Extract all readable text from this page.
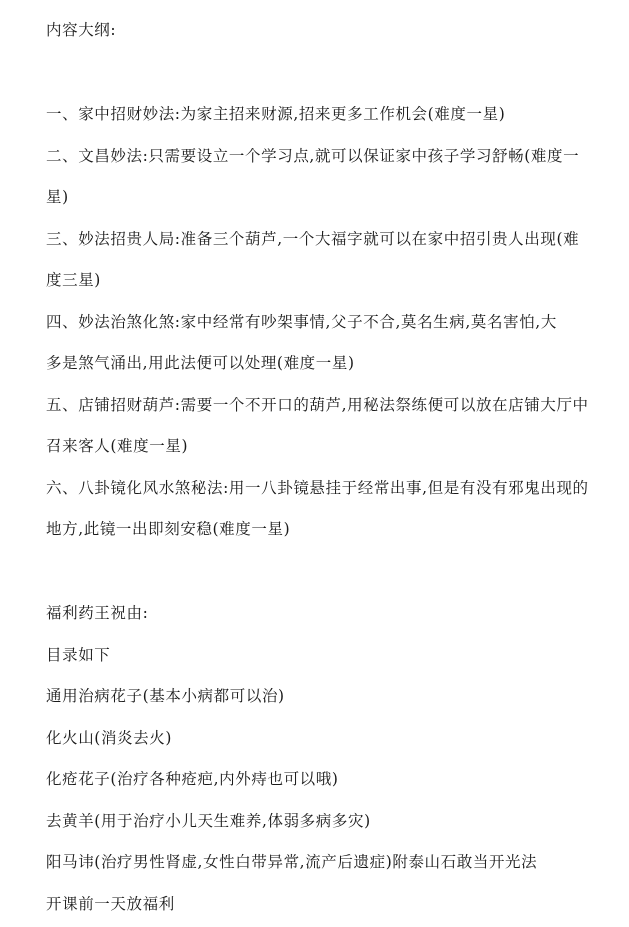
内容大纲:
一、家中招财妙法:为家主招来财源,招来更多工作机会(难度一星)
二、文昌妙法:只需要设立一个学习点,就可以保证家中孩子学习舒畅(难度一
星)
三、妙法招贵人局:准备三个葫芦,一个大福字就可以在家中招引贵人出现(难
度三星)
四、妙法治煞化煞:家中经常有吵架事情,父子不合,莫名生病,莫名害怕,大
多是煞气涌出,用此法便可以处理(难度一星)
五、店铺招财葫芦:需要一个不开口的葫芦,用秘法祭练便可以放在店铺大厅中
召来客人(难度一星)
六、八卦镜化风水煞秘法:用一八卦镜悬挂于经常出事,但是有没有邪鬼出现的
地方,此镜一出即刻安稳(难度一星)
福利药王祝由:
目录如下
通用治病花子(基本小病都可以治)
化火山(消炎去火)
化疮花子(治疗各种疮疤,内外痔也可以哦)
去黄羊(用于治疗小儿天生难养,体弱多病多灾)
阳马讳(治疗男性肾虚,女性白带异常,流产后遗症)附泰山石敢当开光法
开课前一天放福利
